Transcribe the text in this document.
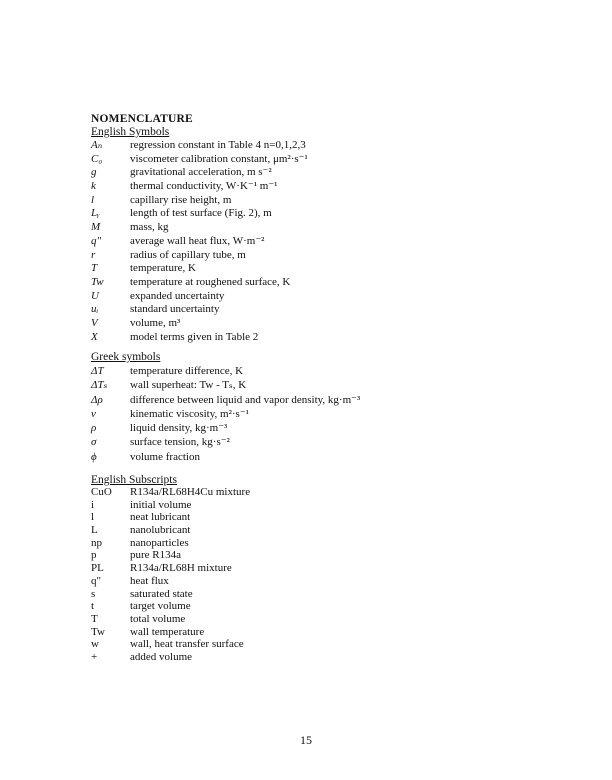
NOMENCLATURE
English Symbols
Aₙ	regression constant in Table 4 n=0,1,2,3
C₀	viscometer calibration constant, μm²·s⁻¹
g	gravitational acceleration, m s⁻²
k	thermal conductivity, W·K⁻¹ m⁻¹
l	capillary rise height, m
Lᵧ	length of test surface (Fig. 2), m
M	mass, kg
q"	average wall heat flux, W·m⁻²
r	radius of capillary tube, m
T	temperature, K
Tw	temperature at roughened surface, K
U	expanded uncertainty
uᵢ	standard uncertainty
V	volume, m³
X	model terms given in Table 2
Greek symbols
ΔT	temperature difference, K
ΔTₛ	wall superheat: Tw - Tₛ, K
Δρ	difference between liquid and vapor density, kg·m⁻³
ν	kinematic viscosity, m²·s⁻¹
ρ	liquid density, kg·m⁻³
σ	surface tension, kg·s⁻²
ϕ	volume fraction
English Subscripts
CuO	R134a/RL68H4Cu mixture
i	initial volume
l	neat lubricant
L	nanolubricant
np	nanoparticles
p	pure R134a
PL	R134a/RL68H mixture
q"	heat flux
s	saturated state
t	target volume
T	total volume
Tw	wall temperature
w	wall, heat transfer surface
+	added volume
15
